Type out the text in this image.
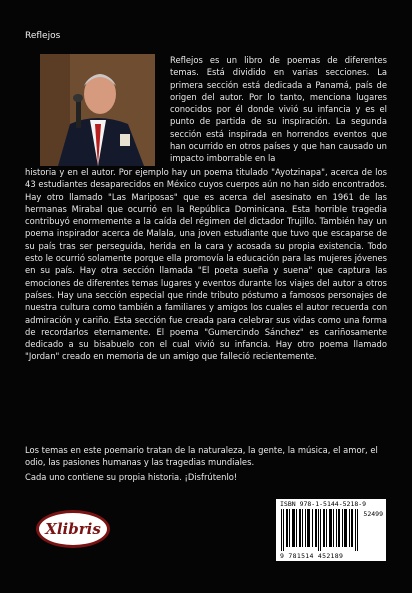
Reflejos

Reflejos es un libro de poemas de diferentes temas. Está dividido en varias secciones. La primera sección está dedicada a Panamá, país de origen del autor. Por lo tanto, menciona lugares conocidos por él donde vivió su infancia y es el punto de partida de su inspiración. La segunda sección está inspirada en horrendos eventos que han ocurrido en otros países y que han causado un impacto imborrable en la

historia y en el autor. Por ejemplo hay un poema titulado "Ayotzinapa", acerca de los 43 estudiantes desaparecidos en México cuyos cuerpos aún no han sido encontrados. Hay otro llamado "Las Mariposas" que es acerca del asesinato en 1961 de las hermanas Mirabal que ocurrió en la República Dominicana. Esta horrible tragedia contribuyó enormemente a la caída del régimen del dictador Trujillo. También hay un poema inspirador acerca de Malala, una joven estudiante que tuvo que escaparse de su país tras ser perseguida, herida en la cara y acosada su propia existencia. Todo esto le ocurrió solamente porque ella promovía la educación para las mujeres jóvenes en su país. Hay otra sección llamada "El poeta sueña y suena" que captura las emociones de diferentes temas lugares y eventos durante los viajes del autor a otros países. Hay una sección especial que rinde tributo póstumo a famosos personajes de nuestra cultura como también a familiares y amigos los cuales el autor recuerda con admiración y cariño. Esta sección fue creada para celebrar sus vidas como una forma de recordarlos eternamente. El poema "Gumercindo Sánchez" es cariñosamente dedicado a su bisabuelo con el cual vivió su infancia. Hay otro poema llamado "Jordan" creado en memoria de un amigo que falleció recientemente.

Los temas en este poemario tratan de la naturaleza, la gente, la música, el amor, el odio, las pasiones humanas y las tragedias mundiales.

Cada uno contiene su propia historia. ¡Disfrútenlo!

Xlibris
ISBN 978-1-5144-5218-9
52499
9 781514 452189
